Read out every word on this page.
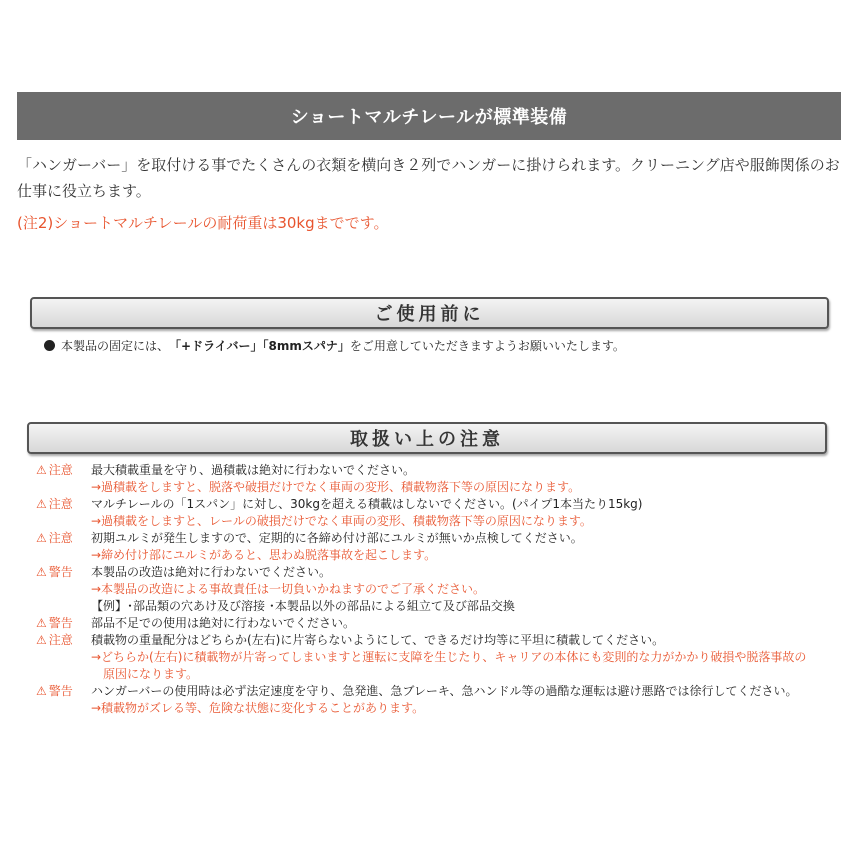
ショートマルチレールが標準装備
「ハンガーバー」を取付ける事でたくさんの衣類を横向き２列でハンガーに掛けられます。クリーニング店や服飾関係のお仕事に役立ちます。
(注2)ショートマルチレールの耐荷重は30kgまでです。
ご使用前に
本製品の固定には、 「+ドライバー」「8mmスパナ」 をご用意していただきますようお願いいたします。
取扱い上の注意
⚠ 注意 最大積載重量を守り、過積載は絶対に行わないでください。
→過積載をしますと、脱落や破損だけでなく車両の変形、積載物落下等の原因になります。
⚠ 注意 マルチレールの「1スパン」に対し、30kgを超える積載はしないでください。(パイプ1本当たり15kg)
→過積載をしますと、レールの破損だけでなく車両の変形、積載物落下等の原因になります。
⚠ 注意 初期ユルミが発生しますので、定期的に各締め付け部にユルミが無いか点検してください。
→締め付け部にユルミがあると、思わぬ脱落事故を起こします。
⚠ 警告 本製品の改造は絶対に行わないでください。
→本製品の改造による事故責任は一切負いかねますのでご了承ください。
【例】･部品類の穴あけ及び溶接 ･本製品以外の部品による組立て及び部品交換
⚠ 警告 部品不足での使用は絶対に行わないでください。
⚠ 注意 積載物の重量配分はどちらか(左右)に片寄らないようにして、できるだけ均等に平坦に積載してください。
→どちらか(左右)に積載物が片寄ってしまいますと運転に支障を生じたり、キャリアの本体にも変則的な力がかかり破損や脱落事故の
原因になります。
⚠ 警告 ハンガーバーの使用時は必ず法定速度を守り、急発進、急ブレーキ、急ハンドル等の過酷な運転は避け悪路では徐行してください。
→積載物がズレる等、危険な状態に変化することがあります。
